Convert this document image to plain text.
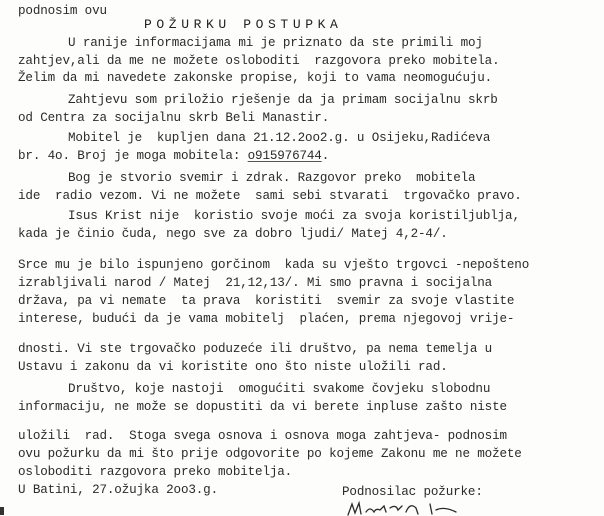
podnosim ovu
POŽURKU POSTUPKA
U ranije informacijama mi je priznato da ste primili moj
zahtjev,ali da me ne možete osloboditi  razgovora preko mobitela.
Želim da mi navedete zakonske propise, koji to vama neomogućuju.
Zahtjevu som priložio rješenje da ja primam socijalnu skrb
od Centra za socijalnu skrb Beli Manastir.
Mobitel je  kupljen dana 21.12.2oo2.g. u Osijeku,Radićeva
br. 4o. Broj je moga mobitela: o915976744.
Bog je stvorio svemir i zdrak. Razgovor preko  mobitela
ide  radio vezom. Vi ne možete  sami sebi stvarati  trgovačko pravo.
Isus Krist nije  koristio svoje moći za svoja koristiljublja,
kada je činio čuda, nego sve za dobro ljudi/ Matej 4,2-4/.
Srce mu je bilo ispunjeno gorčinom  kada su vješto trgovci -nepošteno
izrabljivali narod / Matej  21,12,13/. Mi smo pravna i socijalna
država, pa vi nemate  ta prava  koristiti  svemir za svoje vlastite
interese, budući da je vama mobitelj  plaćen, prema njegovoj vrije-
dnosti. Vi ste trgovačko poduzeće ili društvo, pa nema temelja u
Ustavu i zakonu da vi koristite ono što niste uložili rad.
Društvo, koje nastoji  omogućiti svakome čovjeku slobodnu
informaciju, ne može se dopustiti da vi berete inpluse zašto niste
uložili  rad.  Stoga svega osnova i osnova moga zahtjeva- podnosim
ovu požurku da mi što prije odgovorite po kojeme Zakonu me ne možete
osloboditi razgovora preko mobitelja.
U Batini, 27.ožujka 2oo3.g.	Podnosilac požurke:
